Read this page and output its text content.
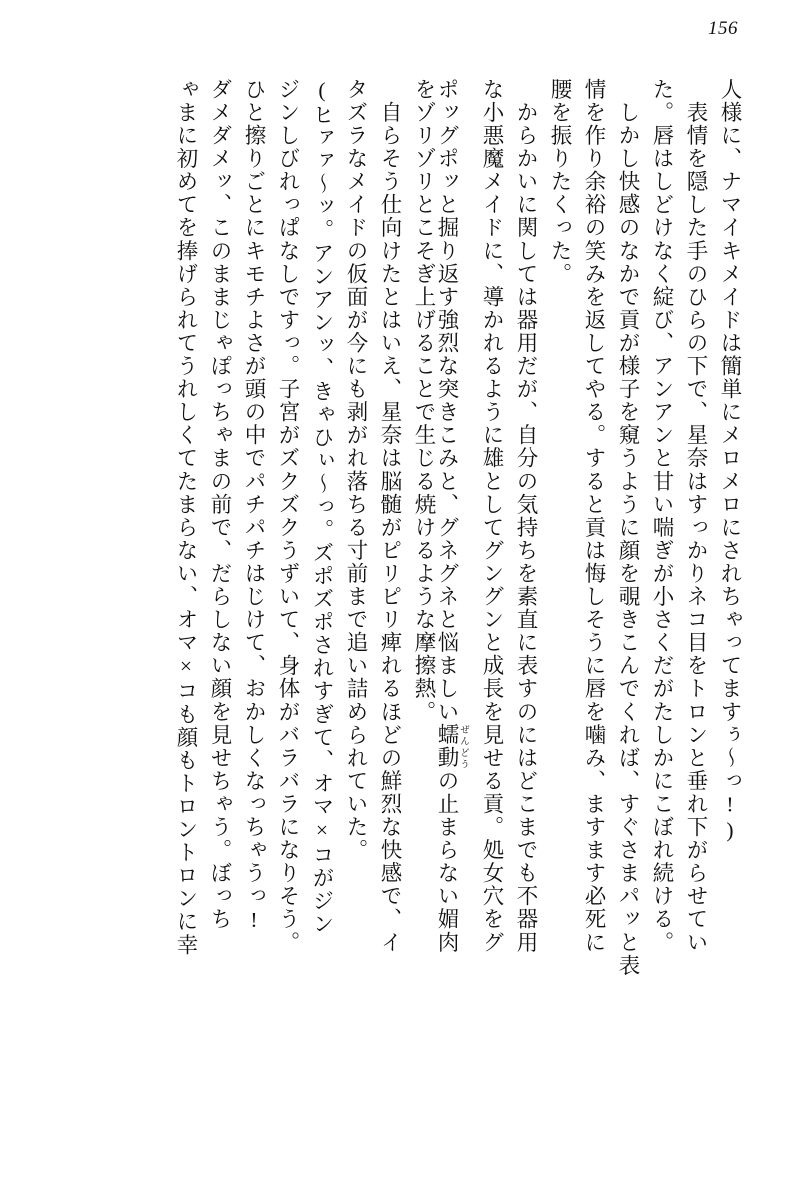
156
人様に、ナマイキメイドは簡単にメロメロにされちゃってますぅ～っ!)
　表情を隠した手のひらの下で、星奈はすっかりネコ目をトロンと垂れ下がらせてい
た。唇はしどけなく綻び、アンアンと甘い喘ぎが小さくだがたしかにこぼれ続ける。
　しかし快感のなかで貢が様子を窺うように顔を覗きこんでくれば、すぐさまパッと表
情を作り余裕の笑みを返してやる。すると貢は悔しそうに唇を噛み、ますます必死に
腰を振りたくった。
　からかいに関しては器用だが、自分の気持ちを素直に表すのにはどこまでも不器用
な小悪魔メイドに、導かれるように雄としてグングンと成長を見せる貢。処女穴をグ
ポッグポッと掘り返す強烈な突きこみと、グネグネと悩ましい蠕動 ぜんどうの止まらない媚肉
をゾリゾリとこそぎ上げることで生じる焼けるような摩擦熱。
　自らそう仕向けたとはいえ、星奈は脳髄がピリピリ痺れるほどの鮮烈な快感で、イ
タズラなメイドの仮面が今にも剥がれ落ちる寸前まで追い詰められていた。
(ヒァァ～ッ。アンアンッ、きゃひぃ～っ。ズポズポされすぎて、オマ×コがジン
ジンしびれっぱなしですっ。子宮がズクズクうずいて、身体がバラバラになりそう。
ひと擦りごとにキモチよさが頭の中でパチパチはじけて、おかしくなっちゃうっ!
ダメダメッ、このままじゃぽっちゃまの前で、だらしない顔を見せちゃう。ぼっち
ゃまに初めてを捧げられてうれしくてたまらない、オマ×コも顔もトロントロンに幸
